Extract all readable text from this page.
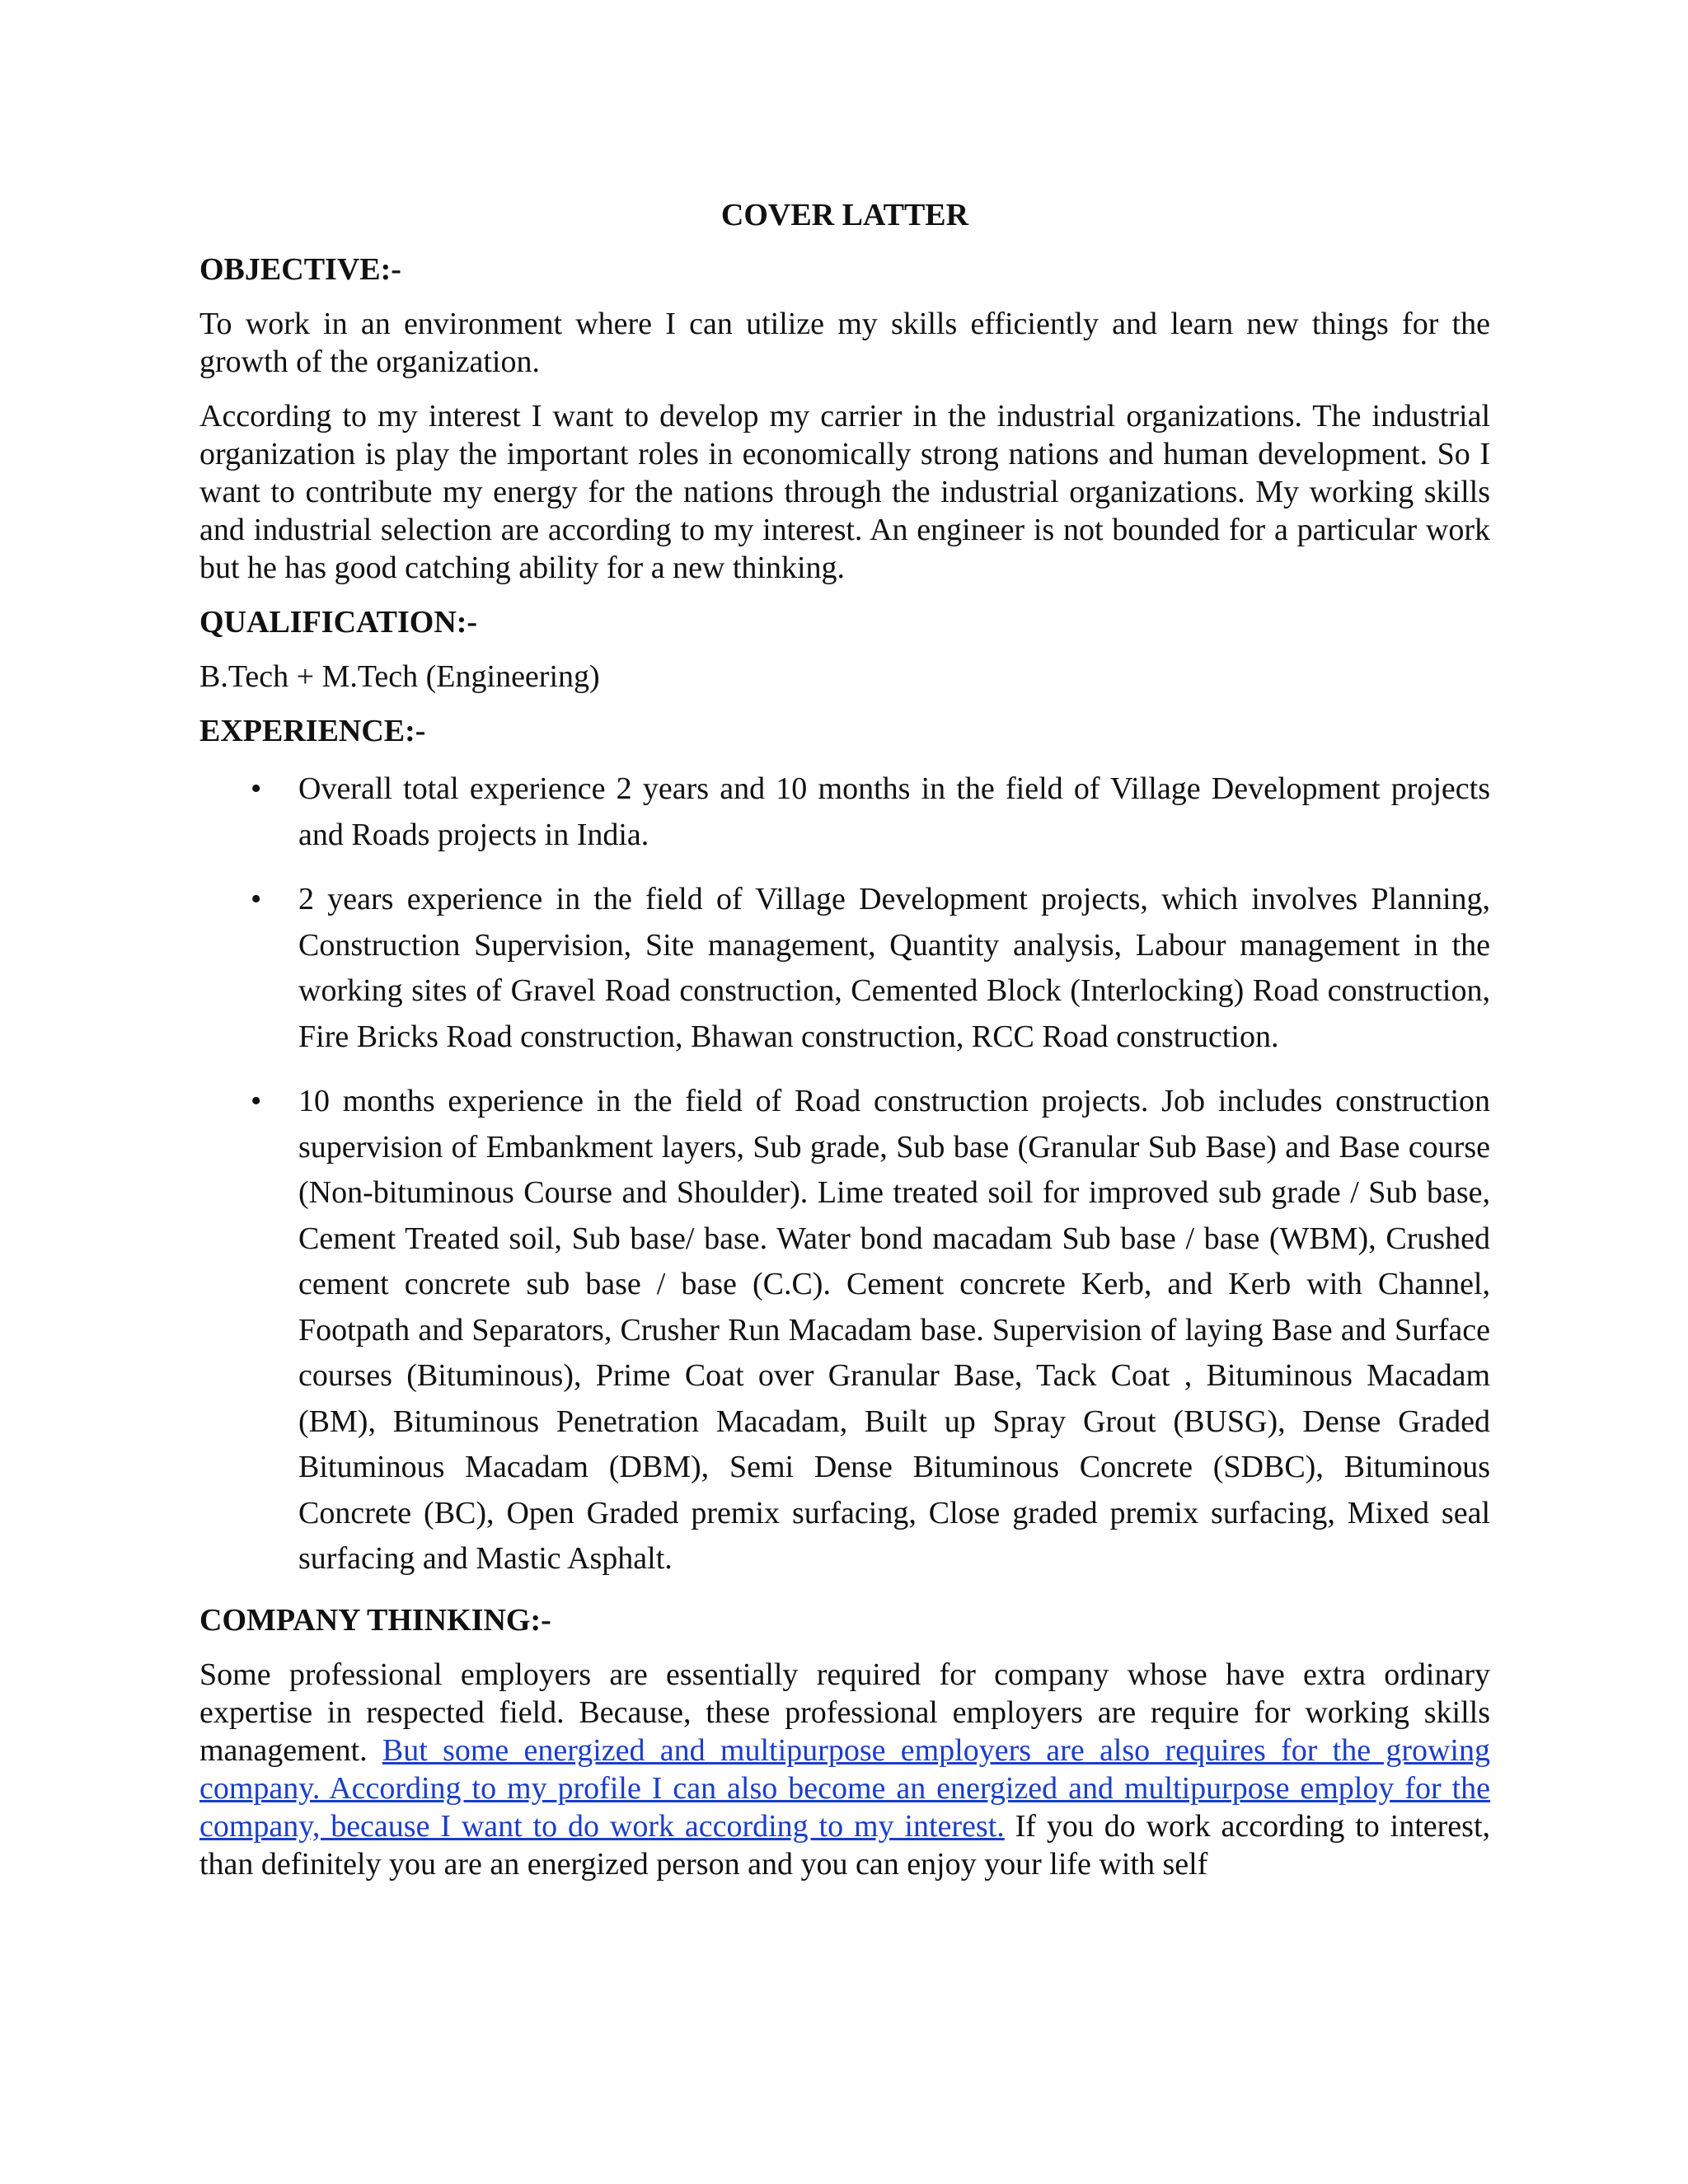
COVER LATTER
OBJECTIVE:-

To work in an environment where I can utilize my skills efficiently and learn new things for the growth of the organization.

According to my interest I want to develop my carrier in the industrial organizations. The industrial organization is play the important roles in economically strong nations and human development. So I want to contribute my energy for the nations through the industrial organizations. My working skills and industrial selection are according to my interest. An engineer is not bounded for a particular work but he has good catching ability for a new thinking.

QUALIFICATION:-

B.Tech + M.Tech (Engineering)

EXPERIENCE:-
• Overall total experience 2 years and 10 months in the field of Village Development projects and Roads projects in India.
• 2 years experience in the field of Village Development projects, which involves Planning, Construction Supervision, Site management, Quantity analysis, Labour management in the working sites of Gravel Road construction, Cemented Block (Interlocking) Road construction, Fire Bricks Road construction, Bhawan construction, RCC Road construction.
• 10 months experience in the field of Road construction projects. Job includes construction supervision of Embankment layers, Sub grade, Sub base (Granular Sub Base) and Base course (Non-bituminous Course and Shoulder). Lime treated soil for improved sub grade / Sub base, Cement Treated soil, Sub base/ base. Water bond macadam Sub base / base (WBM), Crushed cement concrete sub base / base (C.C). Cement concrete Kerb, and Kerb with Channel, Footpath and Separators, Crusher Run Macadam base. Supervision of laying Base and Surface courses (Bituminous), Prime Coat over Granular Base, Tack Coat , Bituminous Macadam (BM), Bituminous Penetration Macadam, Built up Spray Grout (BUSG), Dense Graded Bituminous Macadam (DBM), Semi Dense Bituminous Concrete (SDBC), Bituminous Concrete (BC), Open Graded premix surfacing, Close graded premix surfacing, Mixed seal surfacing and Mastic Asphalt.
COMPANY THINKING:-

Some professional employers are essentially required for company whose have extra ordinary expertise in respected field. Because, these professional employers are require for working skills management. But some energized and multipurpose employers are also requires for the growing company. According to my profile I can also become an energized and multipurpose employ for the company, because I want to do work according to my interest. If you do work according to interest, than definitely you are an energized person and you can enjoy your life with self
